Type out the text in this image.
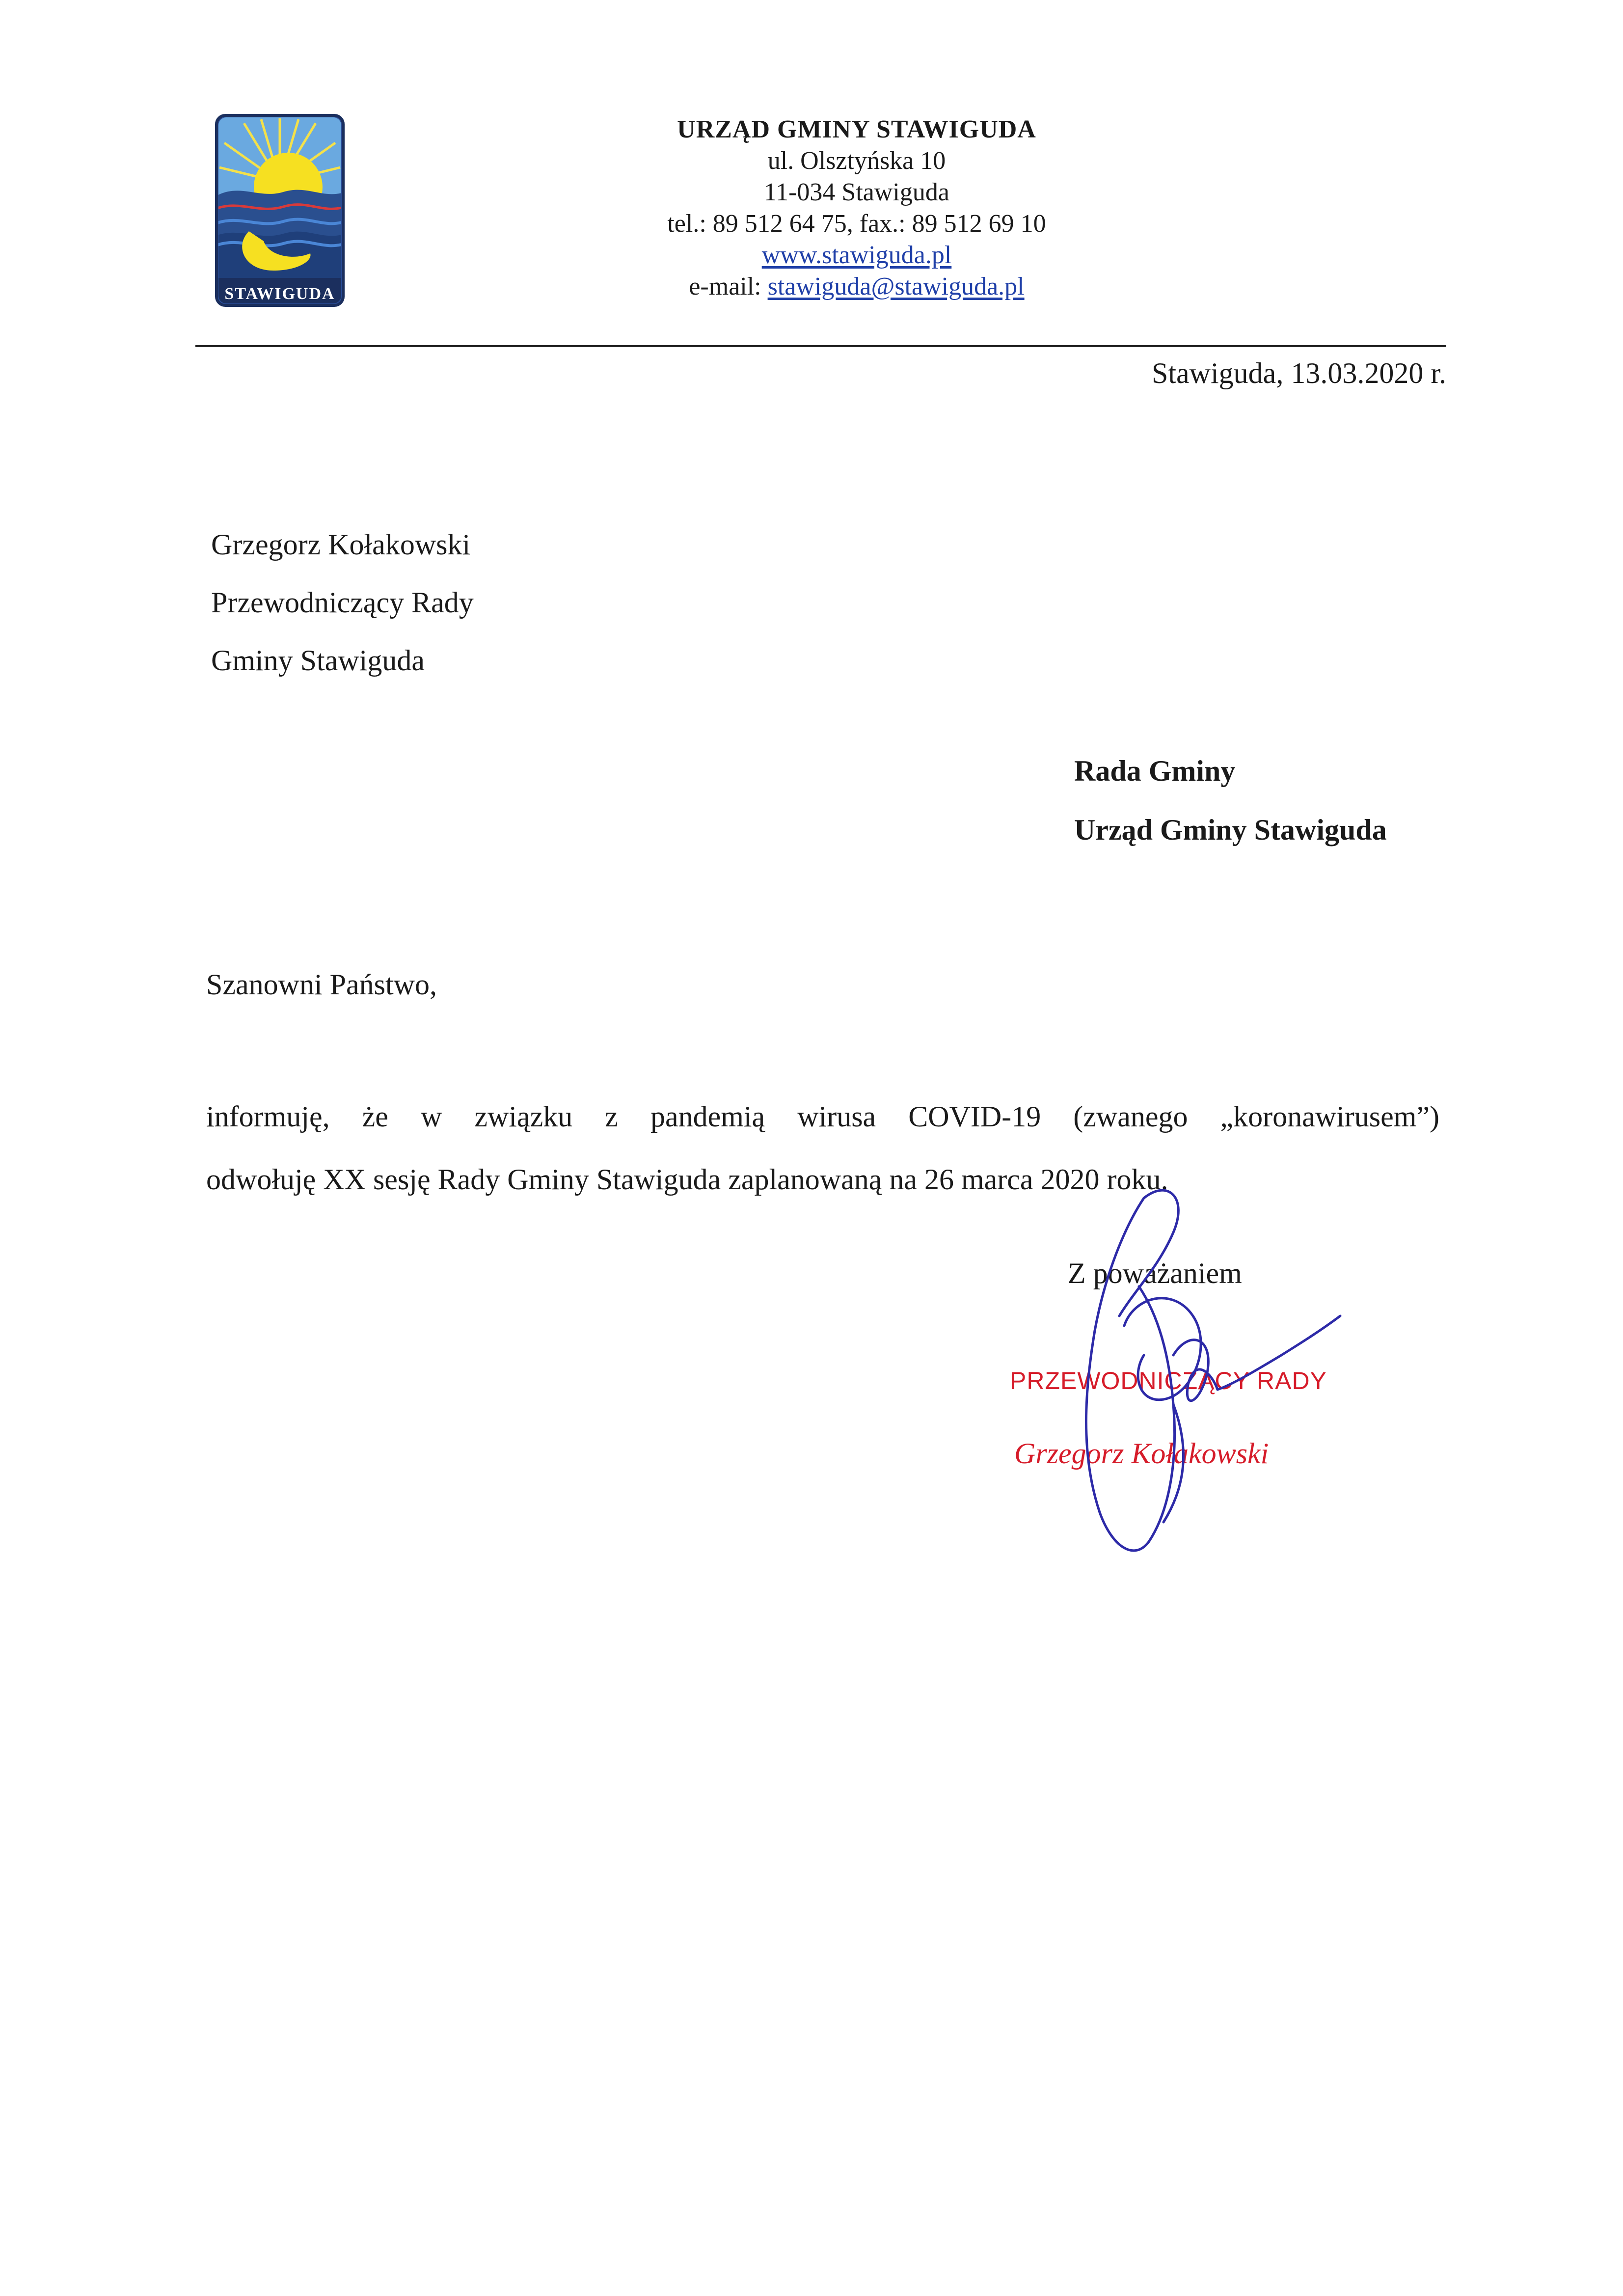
STAWIGUDA
URZĄD GMINY STAWIGUDA
ul. Olsztyńska 10
11-034 Stawiguda
tel.: 89 512 64 75, fax.: 89 512 69 10
www.stawiguda.pl
e-mail: stawiguda@stawiguda.pl
Stawiguda, 13.03.2020 r.
Grzegorz Kołakowski
Przewodniczący Rady
Gminy Stawiguda
Rada Gminy
Urząd Gminy Stawiguda
Szanowni Państwo,
informuję, że w związku z pandemią wirusa COVID-19 (zwanego „koronawirusem”)
odwołuję XX sesję Rady Gminy Stawiguda zaplanowaną na 26 marca 2020 roku.
Z poważaniem
PRZEWODNICZĄCY RADY
Grzegorz Kołakowski
